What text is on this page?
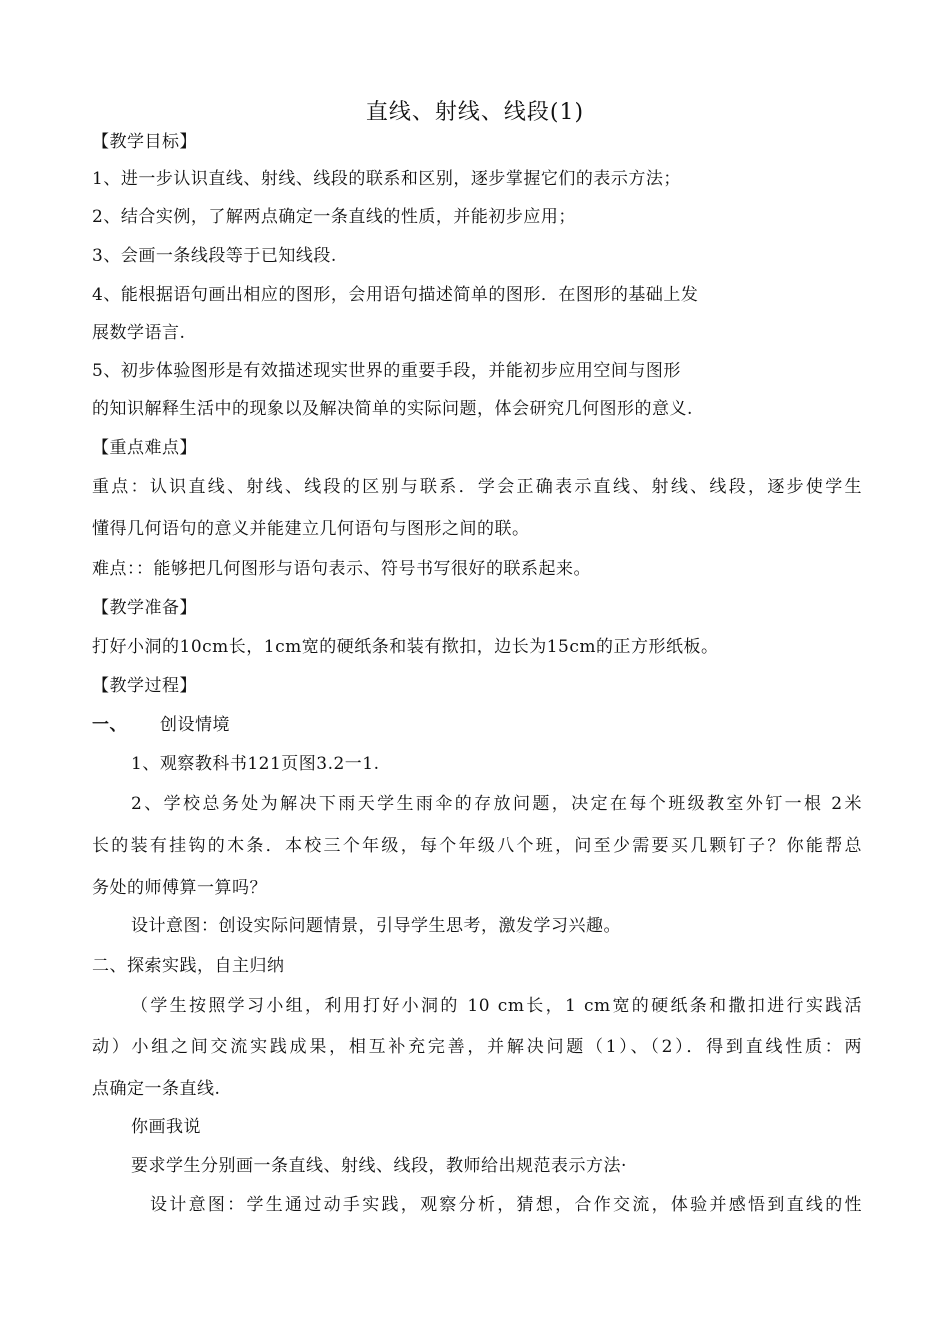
直线、射线、线段(1)
【教学目标】
1、进一步认识直线、射线、线段的联系和区别，逐步掌握它们的表示方法；
2、结合实例，了解两点确定一条直线的性质，并能初步应用；
3、会画一条线段等于已知线段.
4、能根据语句画出相应的图形，会用语句描述简单的图形．在图形的基础上发
展数学语言.
5、初步体验图形是有效描述现实世界的重要手段，并能初步应用空间与图形
的知识解释生活中的现象以及解决简单的实际问题，体会研究几何图形的意义.
【重点难点】
重点：认识直线、射线、线段的区别与联系．学会正确表示直线、射线、线段，逐步使学生
懂得几何语句的意义并能建立几何语句与图形之间的联。
难点：：能够把几何图形与语句表示、符号书写很好的联系起来。
【教学准备】
打好小洞的10cm长，1cm宽的硬纸条和装有揿扣，边长为15cm的正方形纸板。
【教学过程】
一、 创设情境
1、观察教科书121页图3.2一1.
2、学校总务处为解决下雨天学生雨伞的存放问题，决定在每个班级教室外钉一根 2米
长的装有挂钩的木条．本校三个年级，每个年级八个班，问至少需要买几颗钉子？你能帮总
务处的师傅算一算吗？
设计意图：创设实际问题情景，引导学生思考，激发学习兴趣。
二、探索实践，自主归纳
（学生按照学习小组，利用打好小洞的 10 cm长，1 cm宽的硬纸条和撒扣进行实践活
动）小组之间交流实践成果，相互补充完善，并解决问题（1）、（2）．得到直线性质：两
点确定一条直线.
你画我说
要求学生分别画一条直线、射线、线段，教师给出规范表示方法·
设计意图：学生通过动手实践，观察分析，猜想，合作交流，体验并感悟到直线的性
